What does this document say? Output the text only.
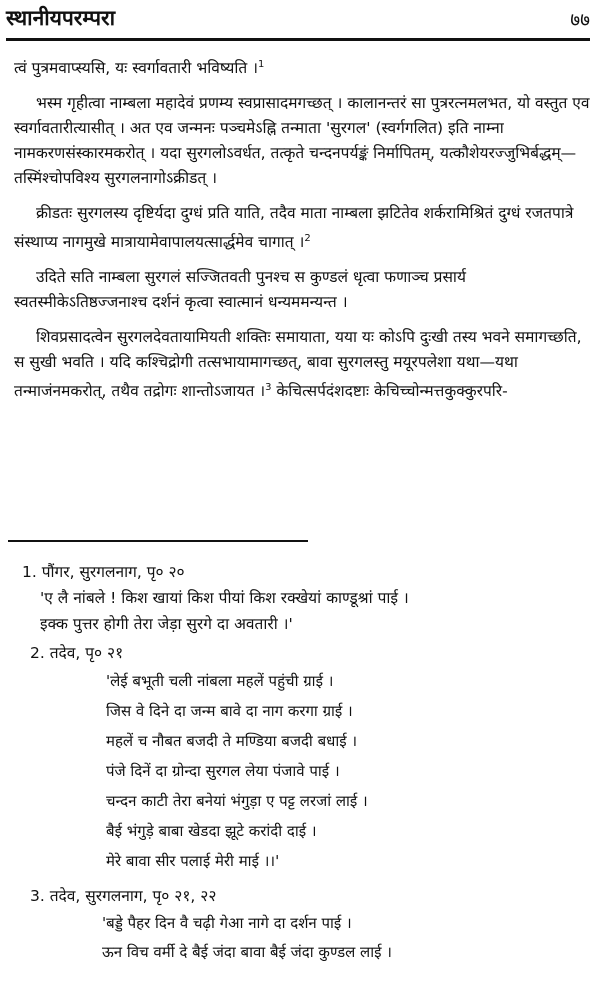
स्थानीयपरम्परा	७७

त्वं पुत्रमवाप्स्यसि, यः स्वर्गावतारी भविष्यति ।$^1$

भस्म गृहीत्वा नाम्बला महादेवं प्रणम्य स्वप्रासादमगच्छत् । कालानन्तरं सा पुत्ररत्नमलभत, यो वस्तुत एव स्वर्गावतारीत्यासीत् । अत एव जन्मनः पञ्चमेऽह्नि तन्माता 'सुरगल' (स्वर्गगलित) इति नाम्ना नामकरणसंस्कारमकरोत् । यदा सुरगलोऽवर्धत, तत्कृते चन्दनपर्यङ्कं निर्मापितम्, यत्कौशेयरज्जुभिर्बद्धम्—तस्मिंश्चोपविश्य सुरगलनागोऽक्रीडत् ।

क्रीडतः सुरगलस्य दृष्टिर्यदा दुग्धं प्रति याति, तदैव माता नाम्बला झटितेव शर्करामिश्रितं दुग्धं रजतपात्रे संस्थाप्य नागमुखे मात्रायामेवापालयत्सार्द्धमेव चागात् ।$^2$

उदिते सति नाम्बला सुरगलं सज्जितवती पुनश्च स कुण्डलं धृत्वा फणाञ्च प्रसार्य स्वतस्मीकेऽतिष्ठज्जनाश्च दर्शनं कृत्वा स्वात्मानं धन्यममन्यन्त ।

शिवप्रसादत्वेन सुरगलदेवतायामियती शक्तिः समायाता, यया यः कोऽपि दुःखी तस्य भवने समागच्छति, स सुखी भवति । यदि कश्चिद्रोगी तत्सभायामागच्छत्, बावा सुरगलस्तु मयूरपलेशा यथा—यथा तन्माजंनमकरोत्, तथैव तद्रोगः शान्तोऽजायत ।$^3$ केचित्सर्पदंशदष्टाः केचिच्चोन्मत्तकुक्कुरपरि-

1. पौंगर, सुरगलनाग, पृ० २०
'ए लै नांबले ! किश खायां किश पीयां किश रक्खेयां काण्डूश्रां पाई ।
इक्क पुत्तर होगी तेरा जेड़ा सुरगे दा अवतारी ।'
2. तदेव, पृ० २१
'लेई बभूती चली नांबला महलें पहुंची ग्राई ।
जिस वे दिने दा जन्म बावे दा नाग करगा ग्राई ।
महलें च नौबत बजदी ते मण्डिया बजदी बधाई ।
पंजे दिनें दा ग्रोन्दा सुरगल लेया पंजावे पाई ।
चन्दन काटी तेरा बनेयां भंगुड़ा ए पट्ट लरजां लाई ।
बैई भंगुड़े बाबा खेडदा झूटे करांदी दाई ।
मेरे बावा सीर पलाई मेरी माई ।।'
3. तदेव, सुरगलनाग, पृ० २१, २२
'बड्डे पैहर दिन वै चढ़ी गेआ नागे दा दर्शन पाई ।
ऊन विच वर्मी दे बैई जंदा बावा बैई जंदा कुण्डल लाई ।
